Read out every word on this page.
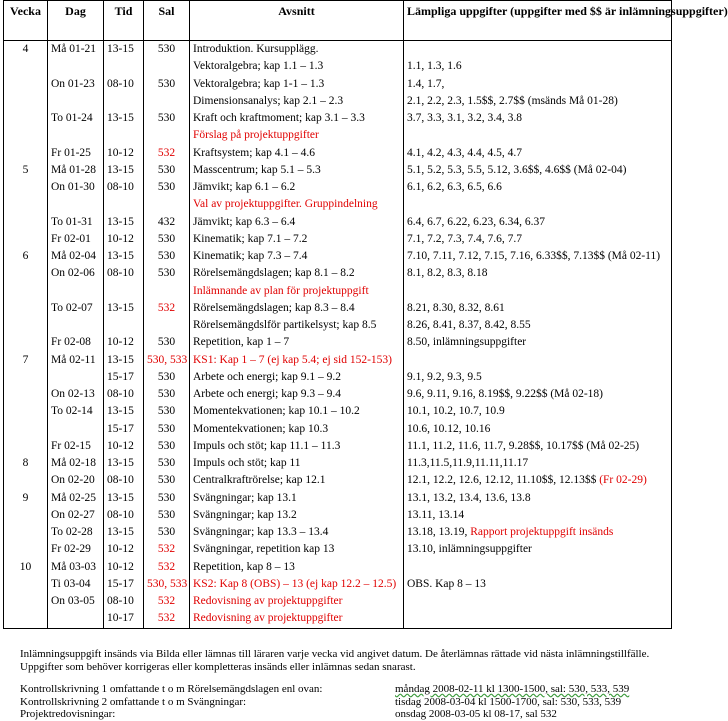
Vecka	Dag	Tid	Sal	Avsnitt	Lämpliga uppgifter (uppgifter med $$ är inlämningsuppgifter)
4	Må 01-21	13-15	530	Introduktion. Kursupplägg.	
				Vektoralgebra; kap 1.1 – 1.3	1.1, 1.3, 1.6
	On 01-23	08-10	530	Vektoralgebra; kap 1-1 – 1.3	1.4, 1.7,
				Dimensionsanalys; kap 2.1 – 2.3	2.1, 2.2, 2.3, 1.5$$, 2.7$$ (msänds Må 01-28)
	To 01-24	13-15	530	Kraft och kraftmoment; kap 3.1 – 3.3	3.7, 3.3, 3.1, 3.2, 3.4, 3.8
				Förslag på projektuppgifter	
	Fr 01-25	10-12	532	Kraftsystem; kap 4.1 – 4.6	4.1, 4.2, 4.3, 4.4, 4.5, 4.7
5	Må 01-28	13-15	530	Masscentrum; kap 5.1 – 5.3	5.1, 5.2, 5.3, 5.5, 5.12, 3.6$$, 4.6$$ (Må 02-04)
	On 01-30	08-10	530	Jämvikt; kap 6.1 – 6.2	6.1, 6.2, 6.3, 6.5, 6.6
				Val av projektuppgifter. Gruppindelning	
	To 01-31	13-15	432	Jämvikt; kap 6.3 – 6.4	6.4, 6.7, 6.22, 6.23, 6.34, 6.37
	Fr 02-01	10-12	530	Kinematik; kap 7.1 – 7.2	7.1, 7.2, 7.3, 7.4, 7.6, 7.7
6	Må 02-04	13-15	530	Kinematik; kap 7.3 – 7.4	7.10, 7.11, 7.12, 7.15, 7.16, 6.33$$, 7.13$$ (Må 02-11)
	On 02-06	08-10	530	Rörelsemängdslagen; kap 8.1 – 8.2	8.1, 8.2, 8.3, 8.18
				Inlämnande av plan för projektuppgift	
	To 02-07	13-15	532	Rörelsemängdslagen; kap 8.3 – 8.4	8.21, 8.30, 8.32, 8.61
				Rörelsemängdslför partikelsyst; kap 8.5	8.26, 8.41, 8.37, 8.42, 8.55
	Fr 02-08	10-12	530	Repetition, kap 1 – 7	8.50, inlämningsuppgifter
7	Må 02-11	13-15	530, 533	KS1: Kap 1 – 7 (ej kap 5.4; ej sid 152-153)	
		15-17	530	Arbete och energi; kap 9.1 – 9.2	9.1, 9.2, 9.3, 9.5
	On 02-13	08-10	530	Arbete och energi; kap 9.3 – 9.4	9.6, 9.11, 9.16, 8.19$$, 9.22$$ (Må 02-18)
	To 02-14	13-15	530	Momentekvationen; kap 10.1 – 10.2	10.1, 10.2, 10.7, 10.9
		15-17	530	Momentekvationen; kap 10.3	10.6, 10.12, 10.16
	Fr 02-15	10-12	530	Impuls och stöt; kap 11.1 – 11.3	11.1, 11.2, 11.6, 11.7, 9.28$$, 10.17$$ (Må 02-25)
8	Må 02-18	13-15	530	Impuls och stöt; kap 11	11.3,11.5,11.9,11.11,11.17
	On 02-20	08-10	530	Centralkraftrörelse; kap 12.1	12.1, 12.2, 12.6, 12.12, 11.10$$, 12.13$$ (Fr 02-29)
9	Må 02-25	13-15	530	Svängningar; kap 13.1	13.1, 13.2, 13.4, 13.6, 13.8
	On 02-27	08-10	530	Svängningar; kap 13.2	13.11, 13.14
	To 02-28	13-15	530	Svängningar; kap 13.3 – 13.4	13.18, 13.19, Rapport projektuppgift insänds
	Fr 02-29	10-12	532	Svängningar, repetition kap 13	13.10, inlämningsuppgifter
10	Må 03-03	10-12	532	Repetition, kap 8 – 13	
	Ti 03-04	15-17	530, 533	KS2: Kap 8 (OBS) – 13 (ej kap 12.2 – 12.5)	OBS. Kap 8 – 13
	On 03-05	08-10	532	Redovisning av projektuppgifter	
		10-17	532	Redovisning av projektuppgifter	
Inlämningsuppgift insänds via Bilda eller lämnas till läraren varje vecka vid angivet datum. De återlämnas rättade vid nästa inlämningstillfälle. Uppgifter som behöver korrigeras eller kompletteras insänds eller inlämnas sedan snarast.
Kontrollskrivning 1 omfattande t o m Rörelsemängdslagen enl ovan:	måndag 2008-02-11 kl 1300-1500, sal: 530, 533, 539
Kontrollskrivning 2 omfattande t o m Svängningar:	tisdag 2008-03-04 kl 1500-1700, sal: 530, 533, 539
Projektredovisningar:	onsdag 2008-03-05 kl 08-17, sal 532
